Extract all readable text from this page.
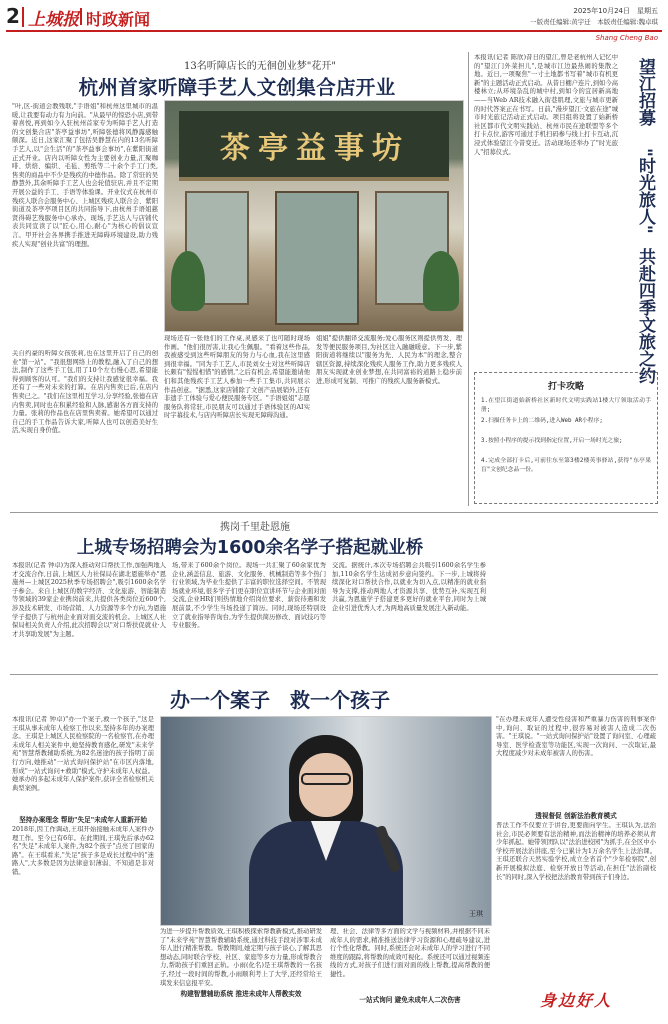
2 上城报 时政新闻	2025年10月24日　星期五
一版责任编辑:黄宇迁　本版责任编辑:魏卓琪
Shang Cheng Bao
13名听障店长的无徊创业梦"花开"
杭州首家听障手艺人文创集合店开业
"叶,区-街道会教残联,"手语姐"和杭州这里城市的温暖,让我要有动力有力向前。"从最早的惊恐小店,到带着喜悦,再到如今入驻杭州首家专为听障手艺人打造的文创集合店"茶亭益事坊",听障张德将风静露感触颇深。近日,这家汇聚了包括吴静慧在内的13名听障手艺人,以"会生活"的"茶亭益事会事坊",在紫阳街道正式开业。店内以听障女性为主要创业力量,汇聚咖啡、烘焙、编织、毛毡、剪纸等二十余个手工门类,售卖的商品中不少是残疾的中德作品。除了常驻的吴静慧外,其余听障手工艺人也会轮值驻店,并且不定期开展公益的手工、手语等体验课。开业仪式在杭州市残疾人联合会服务中心、上城区残疾人联合会、紫阳街道及茶亭亭项目区的共同指导下,由杭州手语姐慈贤得碍艺残服务中心承办。现场,手艺达人与店铺代表共同宣读了以"匠心,用心,耐心"为核心的倡议宣言。甲开社会各界携手推进无障碍环境建设,助力残疾人实现"创业共富"的理想。
关自约豪的听障女孩张莉,也在这里开启了自己的创业"第一站"。"我很想网络上的教程,融入了自己的想法,制作了这些手工包,用了10个左右慢心思,希望能得到顾客的认可。"我们的支持让我感觉很幸福。我还有了一些对未来的打算。在店内售卖已后,在店内售卖已之。"我们在这里相互学习,分享经验,张德在店内售卖,同时也在积累经验和人脉,感谢各方面支持的力量。张莉的作品也在店里售卖着。她希望可以通过自己的手工作品告诉大家,听障人也可以创造美好生活,实现自身价值。
茶亭益事坊
现场还有一张他们的工作桌,灵感来了也可随时现场作画。"他们很厉害,让我心生佩服。"看着这些作品,我被感受到这些听障朋友的努力与心血,我在这里感到很幸福。"同为手工艺人,市民刘女士对这些听障店长颇有"惺惺相惜"的感情,"之后有机会,希望能邀请他们和其他残疾手工艺人参加一些手工集市,共同展示作品创意。"据悉,这家店铺除了文创产品展销外,还有非遗手工体验与爱心便民服务专区。"手语姐姐"志愿服务队将常驻,市民朋友可以通过手语体验区的AI实时字幕技术,与店内听障店长实现无障碍沟通。
姐姐"提供翻译交流服务;爱心服务区则提供剪发、理发等便民服务项目,为社区注入融融暖意。下一步,紫阳街道将继续以"服务为先、人民为本"的理念,整合辖区资源,持续深化残疾人服务工作,助力更多残疾人朋友实现就业创业梦想,在共同富裕的道路上稳步前进,形成可复制、可推广的残疾人服务新模式。
本报讯(记者 陈欣)昔日的望江,曾是老杭州人记忆中的"望江门外菜担儿",是城市江边最热闹的集散之地。近日,一项聚焦"一寸土地都书写着"城市有机更新"的主题活动正式启动。从昔日棚户连片,到如今高楼林立;从环境杂乱的城中村,到如今的宜居新高地——当Web AR技术融入街巷肌理,文旅与城市更新的时代答案正在书写。日前,"漫步望江·文旅在途"城市时光旅记活动正式启动。项目组将设置了始新桥社区都市代文明实践站、杭州市民在途联盟等多个打卡点位,游客可通过手机扫码参与线上打卡互动,沉浸式体验望江今昔变迁。活动现场还举办了"时光旅人"招募仪式。
望江招募
"时光旅人"
共赴四季文旅之约
打卡攻略
1.在望江街道始新桥社区新时代文明实践站1楼大厅领取活动手册;
2.扫描任务卡上的二维码,进入Web AR小程序;
3.按照小程序的提示找到指定位置,开启一场时光之旅;
4.完成全部打卡后,可前往东至第3楼2楼英事驿站,获得"东亭果盲"文创纪念品一份。
携岗千里赴恩施
上城专场招聘会为1600余名学子搭起就业桥
本报讯(记者 钟卓)为深入推动对口帮扶工作,加强两地人才交流合作,日前,上城区人力社保局在湖北恩施举办"恩施州—上城区2025秋季专场招聘会",吸引1600余名学子参会。来自上城区的数字经济、文化旅游、智能制造等领域的39家企业携岗前来,共提供各类岗位近600个,涉及技术研发、市场营销、人力资源等多个方向,为恩施学子提供了与杭州企业面对面交流的机会。上城区人社保局相关负责人介绍,此次招聘会以"对口帮扶促就业·人才共享助发展"为主题。
场,带来了600余个岗位。现场一共汇聚了60余家优秀企业,涵盖信息、旅游、文化服务、机械制造等多个热门行业领域,为毕业生提供了丰富的职位选择空间。不管现场就业环境,很多学子们更在职位宣讲环节与企业面对面交流,企业HR们则热情地介绍岗位要求、薪资待遇和发展前景,不少学生当场投递了简历。同时,现场还特别设立了就业指导咨询台,为学生提供简历修改、面试技巧等专业服务。
交流。据统计,本次专场招聘会共吸引1600余名学生参加,110余名学生达成初步意向签约。下一步,上城将持续深化对口帮扶合作,以就业为切入点,以精准的就业指导为支撑,推动两地人才资源共享、优势互补,实现互利共赢,为恩施学子搭建更多更好的就业平台,同时为上城企业引进优秀人才,为两地高质量发展注入新动能。
办一个案子　救一个孩子
本报讯(记者 钟卓)"办一个案子,救一个孩子,"这是王琪从事未成年人检察工作以来,坚持多年的办案理念。王琪是上城区人民检察院的一名检察官,在办理未成年人相关案件中,她坚持教育感化,研发"未来学苑"智慧帮教辅助系统,为82名迷途的孩子指明了前行方向,她推动"一站式询问保护站"在市区内落地,形成"一站式询问+救助"模式,守护未成年人权益。她承办的多起未成年人保护案件,获评全省检察机关典型案例。
坚持办案理念 帮助"失足"未成年人重新开始
2018年,因工作调动,王琪开始接触未成年人案件办理工作。至今已有6年。在此期间,王琪先后承办62名"失足"未成年人案件,为82个孩子"点亮了回家的路"。在王琪看来,"失足"孩子多是成长过程中的"迷路人",大多数是因为法律意识薄弱、不知道是非对错。
王琪
为进一步提升帮教质效,王琪积极探索帮教新模式,推动研发了"未来学苑"智慧帮教辅助系统,通过科技手段对涉罪未成年人进行精准帮教。帮教期间,她定期与孩子谈心,了解其思想动态,同时联合学校、社区、家庭等多方力量,形成帮教合力,帮助孩子们重回正轨。小雨(化名)是王琪帮教的一名孩子,经过一段时间的帮教,小雨顺利考上了大学,还经常给王琪发来信息报平安。
构建智慧辅助系统 推进未成年人帮教实效
理、社会、法律等多方面的文学与视频材料,并根据不同未成年人的需求,精准推送法律学习资源和心理疏导建议,进行个性化帮教。同时,系统还会对未成年人的学习进行不同维度的跟踪,将帮教的成效可视化。系统还可以通过视频连线的方式,对孩子们进行面对面的线上帮教,提高帮教的便捷性。
一站式询问 避免未成年人二次伤害
"在办理未成年人遭受性侵害和严重暴力伤害的刑事案件中,询问、取证的过程中,很容易对被害人造成二次伤害。"王琪说。"一站式询问保护站"设置了询问室、心理疏导室、医学检查室等功能区,实现一次询问、一次取证,最大程度减少对未成年被害人的伤害。
透视督促 创新法治教育模式
普法工作不仅要立于讲台,更要面向学生。王琪认为,法治社会,市民必须要有法治精神,而法治精神的培养必须从青少年抓起。她带领团队以"法治进校园"为抓手,在全区中小学校开展法治讲座,至今已累计为1万余名学生上法治课。王琪还联合天然实验学校,成立全省首个"少年检察院",创新开展模拟法庭、检察开放日等活动,在担任"法治副校长"的同时,深入学校把法治教育带到孩子们身边。
身边好人
